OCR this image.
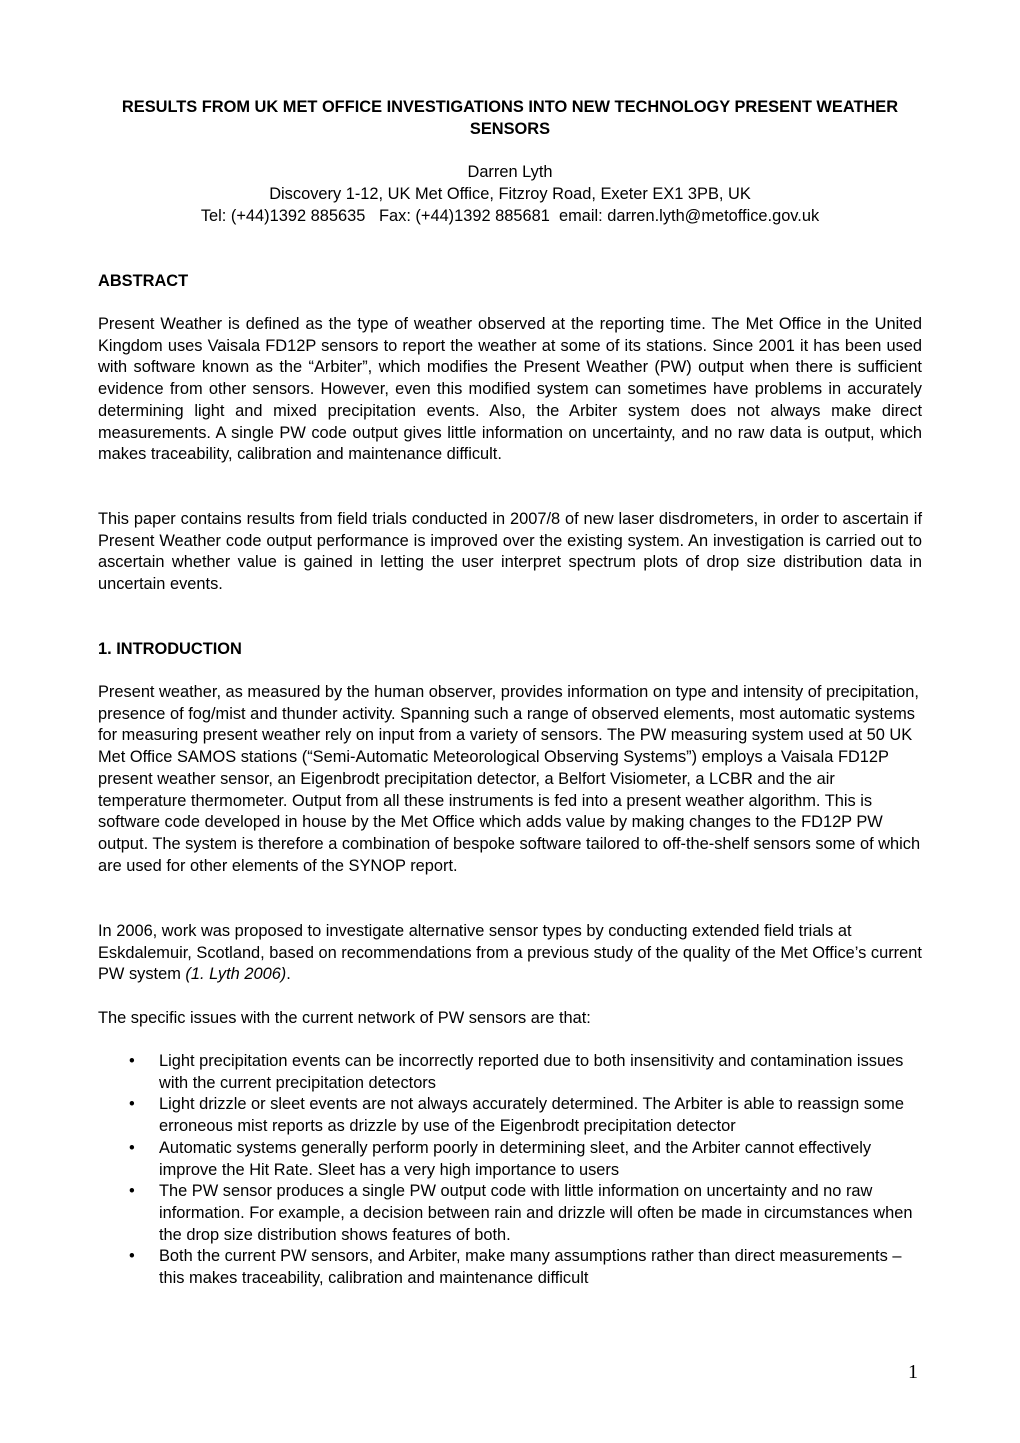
RESULTS FROM UK MET OFFICE INVESTIGATIONS INTO NEW TECHNOLOGY PRESENT WEATHER SENSORS
Darren Lyth
Discovery 1-12, UK Met Office, Fitzroy Road, Exeter EX1 3PB, UK
Tel: (+44)1392 885635   Fax: (+44)1392 885681  email: darren.lyth@metoffice.gov.uk
ABSTRACT
Present Weather is defined as the type of weather observed at the reporting time. The Met Office in the United Kingdom uses Vaisala FD12P sensors to report the weather at some of its stations. Since 2001 it has been used with software known as the “Arbiter”, which modifies the Present Weather (PW) output when there is sufficient evidence from other sensors. However, even this modified system can sometimes have problems in accurately determining light and mixed precipitation events. Also, the Arbiter system does not always make direct measurements. A single PW code output gives little information on uncertainty, and no raw data is output, which makes traceability, calibration and maintenance difficult.
This paper contains results from field trials conducted in 2007/8 of new laser disdrometers, in order to ascertain if Present Weather code output performance is improved over the existing system. An investigation is carried out to ascertain whether value is gained in letting the user interpret spectrum plots of drop size distribution data in uncertain events.
1. INTRODUCTION
Present weather, as measured by the human observer, provides information on type and intensity of precipitation, presence of fog/mist and thunder activity. Spanning such a range of observed elements, most automatic systems for measuring present weather rely on input from a variety of sensors. The PW measuring system used at 50 UK Met Office SAMOS stations (“Semi-Automatic Meteorological Observing Systems”) employs a Vaisala FD12P present weather sensor, an Eigenbrodt precipitation detector, a Belfort Visiometer, a LCBR and the air temperature thermometer. Output from all these instruments is fed into a present weather algorithm. This is software code developed in house by the Met Office which adds value by making changes to the FD12P PW output. The system is therefore a combination of bespoke software tailored to off-the-shelf sensors some of which are used for other elements of the SYNOP report.
In 2006, work was proposed to investigate alternative sensor types by conducting extended field trials at Eskdalemuir, Scotland, based on recommendations from a previous study of the quality of the Met Office’s current PW system (1. Lyth 2006).
The specific issues with the current network of PW sensors are that:
• Light precipitation events can be incorrectly reported due to both insensitivity and contamination issues with the current precipitation detectors
• Light drizzle or sleet events are not always accurately determined. The Arbiter is able to reassign some erroneous mist reports as drizzle by use of the Eigenbrodt precipitation detector
• Automatic systems generally perform poorly in determining sleet, and the Arbiter cannot effectively improve the Hit Rate. Sleet has a very high importance to users
• The PW sensor produces a single PW output code with little information on uncertainty and no raw information. For example, a decision between rain and drizzle will often be made in circumstances when the drop size distribution shows features of both.
• Both the current PW sensors, and Arbiter, make many assumptions rather than direct measurements – this makes traceability, calibration and maintenance difficult
1
